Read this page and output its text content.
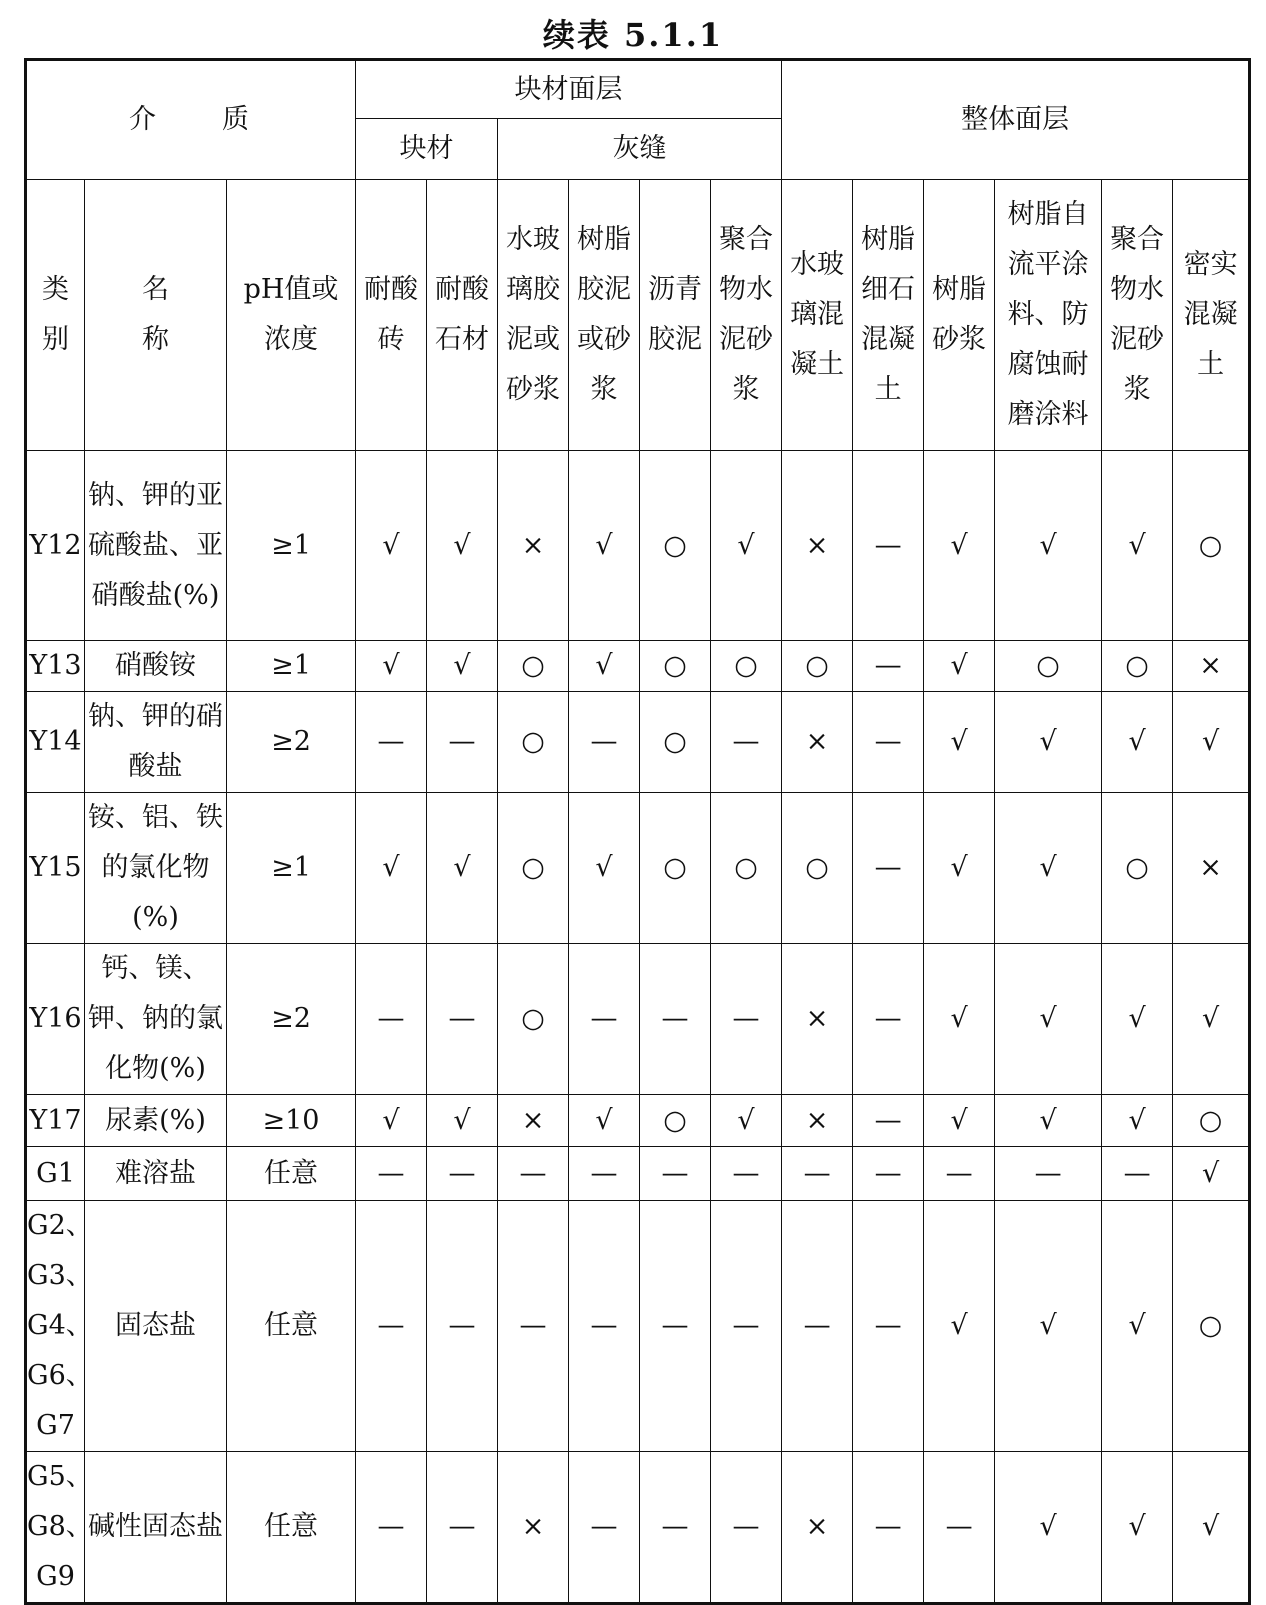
续表 5.1.1
介　　质			块材面层						整体面层					
			块材		灰缝									
类别	名称	pH值或浓度	耐酸砖	耐酸石材	水玻璃胶泥或砂浆	树脂胶泥或砂浆	沥青胶泥	聚合物水泥砂浆	水玻璃混凝土	树脂细石混凝土	树脂砂浆	树脂自流平涂料、防腐蚀耐磨涂料	聚合物水泥砂浆	密实混凝土
Y12	钠、钾的亚硫酸盐、亚硝酸盐(%)	≥1	√	√	×	√	○	√	×	—	√	√	√	○
Y13	硝酸铵	≥1	√	√	○	√	○	○	○	—	√	○	○	×
Y14	钠、钾的硝酸盐	≥2	—	—	○	—	○	—	×	—	√	√	√	√
Y15	铵、铝、铁的氯化物(%)	≥1	√	√	○	√	○	○	○	—	√	√	○	×
Y16	钙、镁、钾、钠的氯化物(%)	≥2	—	—	○	—	—	—	×	—	√	√	√	√
Y17	尿素(%)	≥10	√	√	×	√	○	√	×	—	√	√	√	○
G1	难溶盐	任意	—	—	—	—	—	—	—	—	—	—	—	√
G2、G3、G4、G6、G7	固态盐	任意	—	—	—	—	—	—	—	—	√	√	√	○
G5、G8、G9	碱性固态盐	任意	—	—	×	—	—	—	×	—	—	√	√	√
